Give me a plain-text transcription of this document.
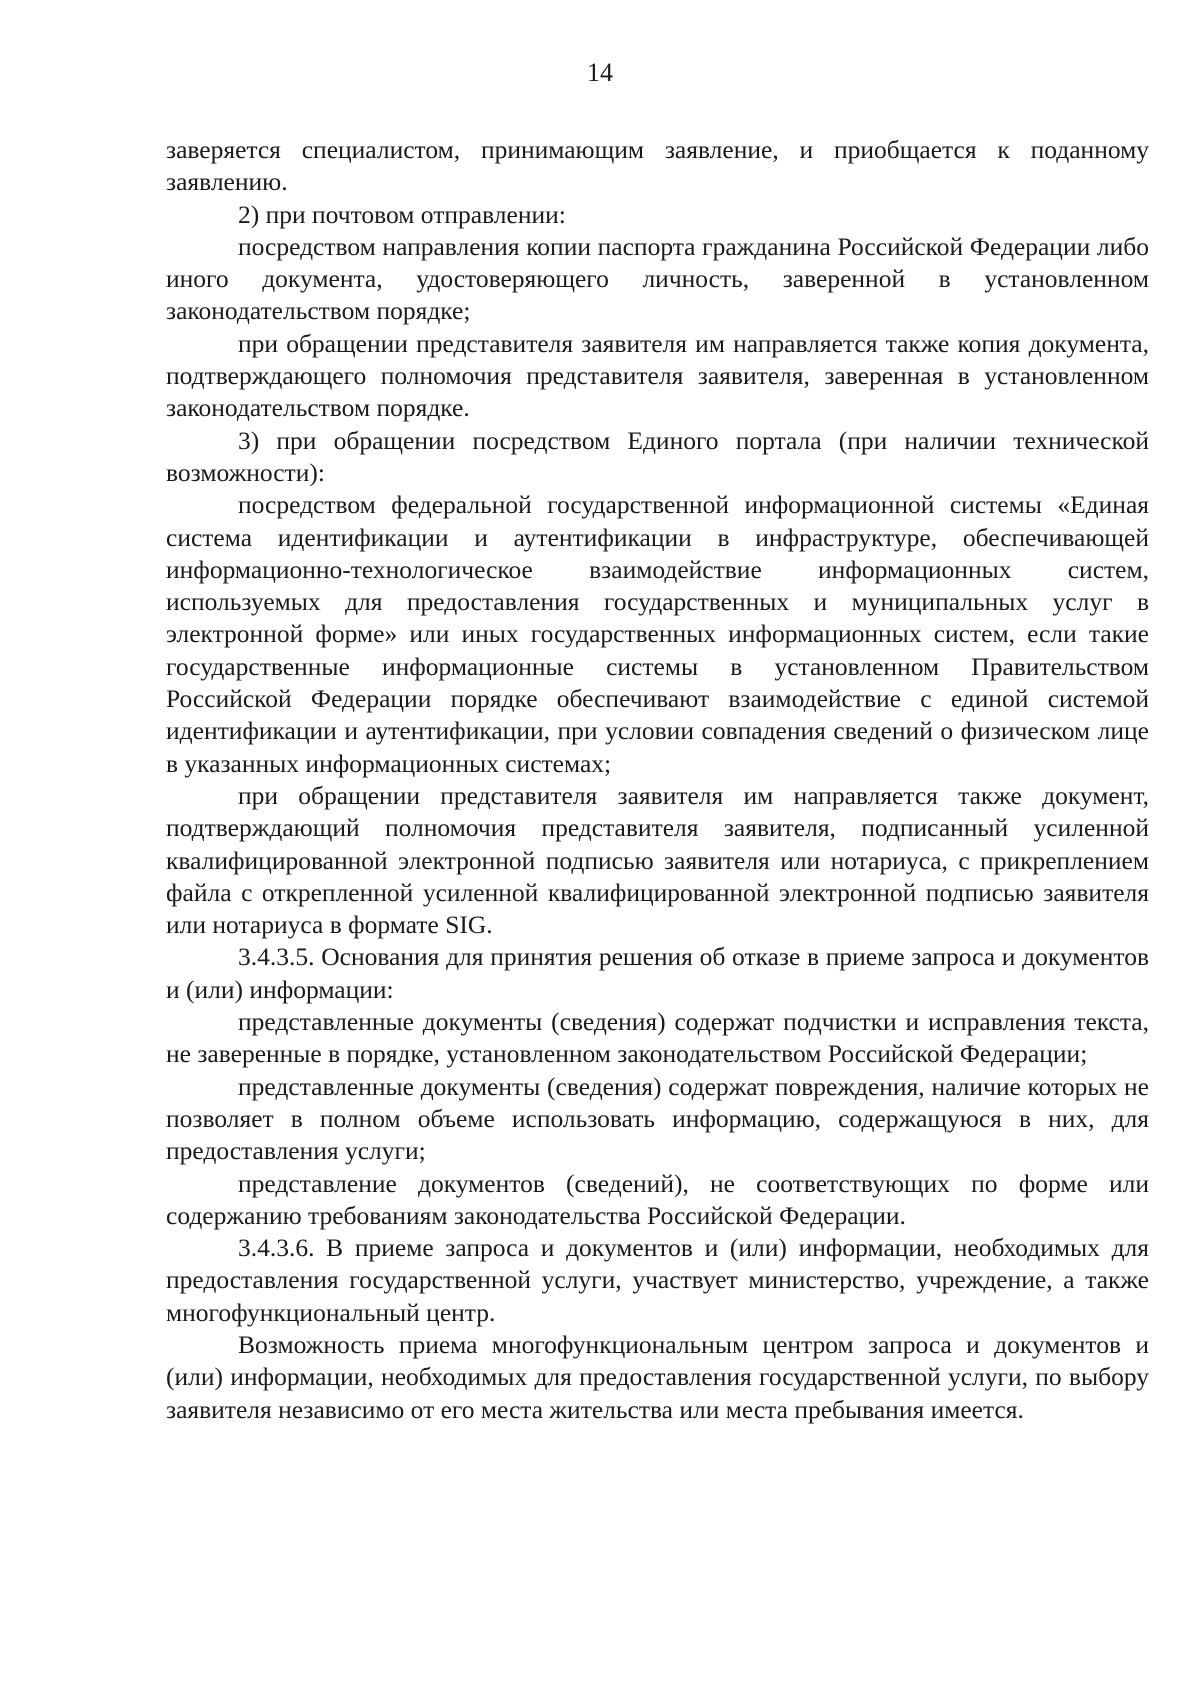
14

заверяется специалистом, принимающим заявление, и приобщается к поданному заявлению.

2) при почтовом отправлении:

посредством направления копии паспорта гражданина Российской Федерации либо иного документа, удостоверяющего личность, заверенной в установленном законодательством порядке;

при обращении представителя заявителя им направляется также копия документа, подтверждающего полномочия представителя заявителя, заверенная в установленном законодательством порядке.

3) при обращении посредством Единого портала (при наличии технической возможности):

посредством федеральной государственной информационной системы «Единая система идентификации и аутентификации в инфраструктуре, обеспечивающей информационно-технологическое взаимодействие информационных систем, используемых для предоставления государственных и муниципальных услуг в электронной форме» или иных государственных информационных систем, если такие государственные информационные системы в установленном Правительством Российской Федерации порядке обеспечивают взаимодействие с единой системой идентификации и аутентификации, при условии совпадения сведений о физическом лице в указанных информационных системах;

при обращении представителя заявителя им направляется также документ, подтверждающий полномочия представителя заявителя, подписанный усиленной квалифицированной электронной подписью заявителя или нотариуса, с прикреплением файла с открепленной усиленной квалифицированной электронной подписью заявителя или нотариуса в формате SIG.

3.4.3.5. Основания для принятия решения об отказе в приеме запроса и документов и (или) информации:

представленные документы (сведения) содержат подчистки и исправления текста, не заверенные в порядке, установленном законодательством Российской Федерации;

представленные документы (сведения) содержат повреждения, наличие которых не позволяет в полном объеме использовать информацию, содержащуюся в них, для предоставления услуги;

представление документов (сведений), не соответствующих по форме или содержанию требованиям законодательства Российской Федерации.

3.4.3.6. В приеме запроса и документов и (или) информации, необходимых для предоставления государственной услуги, участвует министерство, учреждение, а также многофункциональный центр.

Возможность приема многофункциональным центром запроса и документов и (или) информации, необходимых для предоставления государственной услуги, по выбору заявителя независимо от его места жительства или места пребывания имеется.
